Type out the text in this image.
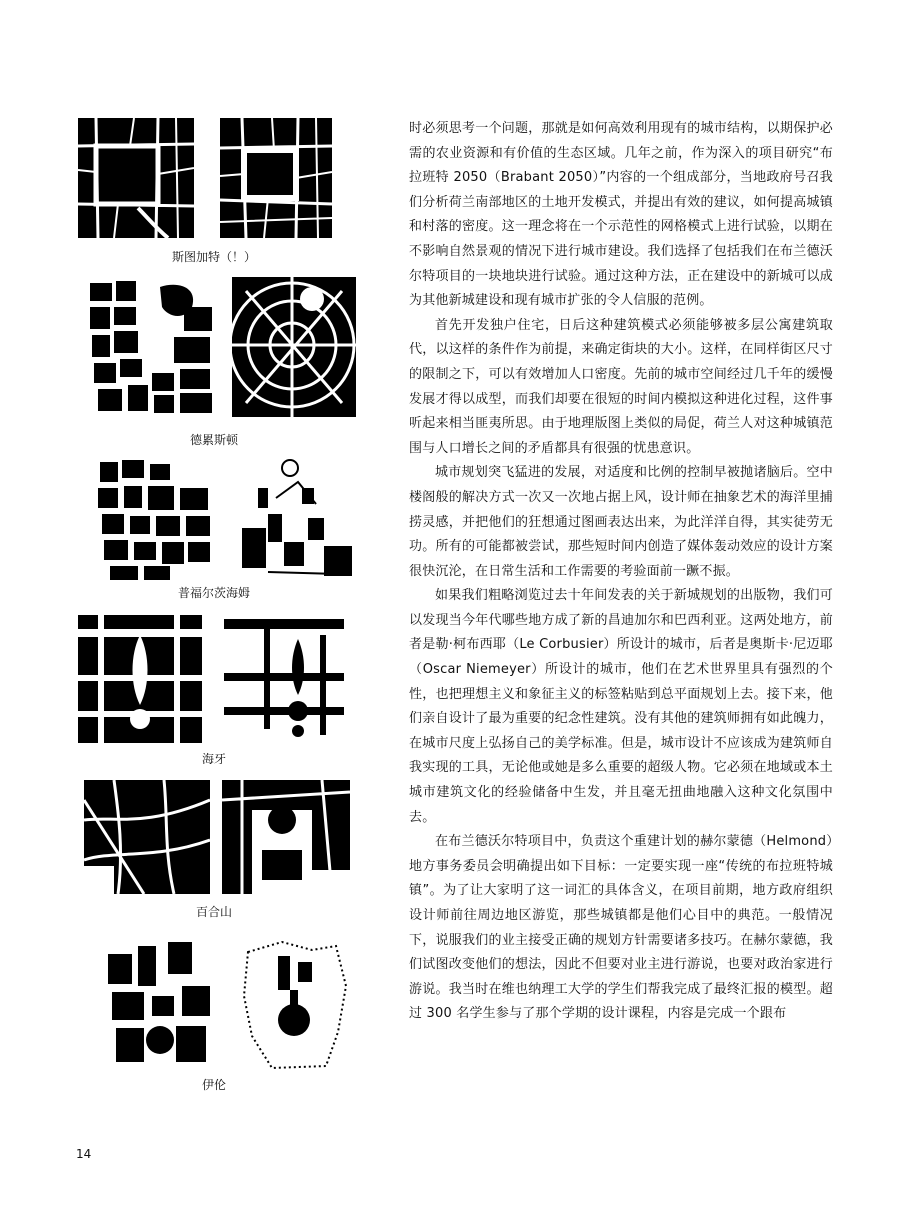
斯图加特（！）
德累斯顿
普福尔茨海姆
海牙
百合山
伊伦

时必须思考一个问题，那就是如何高效利用现有的城市结构，以期保护必需的农业资源和有价值的生态区域。几年之前，作为深入的项目研究“布拉班特 2050（Brabant 2050）”内容的一个组成部分，当地政府号召我们分析荷兰南部地区的土地开发模式，并提出有效的建议，如何提高城镇和村落的密度。这一理念将在一个示范性的网格模式上进行试验，以期在不影响自然景观的情况下进行城市建设。我们选择了包括我们在布兰德沃尔特项目的一块地块进行试验。通过这种方法，正在建设中的新城可以成为其他新城建设和现有城市扩张的令人信服的范例。

首先开发独户住宅，日后这种建筑模式必须能够被多层公寓建筑取代，以这样的条件作为前提，来确定街块的大小。这样，在同样街区尺寸的限制之下，可以有效增加人口密度。先前的城市空间经过几千年的缓慢发展才得以成型，而我们却要在很短的时间内模拟这种进化过程，这件事听起来相当匪夷所思。由于地理版图上类似的局促，荷兰人对这种城镇范围与人口增长之间的矛盾都具有很强的忧患意识。

城市规划突飞猛进的发展，对适度和比例的控制早被抛诸脑后。空中楼阁般的解决方式一次又一次地占据上风，设计师在抽象艺术的海洋里捕捞灵感，并把他们的狂想通过图画表达出来，为此洋洋自得，其实徒劳无功。所有的可能都被尝试，那些短时间内创造了媒体轰动效应的设计方案很快沉沦，在日常生活和工作需要的考验面前一蹶不振。

如果我们粗略浏览过去十年间发表的关于新城规划的出版物，我们可以发现当今年代哪些地方成了新的昌迪加尔和巴西利亚。这两处地方，前者是勒·柯布西耶（Le Corbusier）所设计的城市，后者是奥斯卡·尼迈耶（Oscar Niemeyer）所设计的城市，他们在艺术世界里具有强烈的个性，也把理想主义和象征主义的标签粘贴到总平面规划上去。接下来，他们亲自设计了最为重要的纪念性建筑。没有其他的建筑师拥有如此魄力，在城市尺度上弘扬自己的美学标准。但是，城市设计不应该成为建筑师自我实现的工具，无论他或她是多么重要的超级人物。它必须在地域或本土城市建筑文化的经验储备中生发，并且毫无扭曲地融入这种文化氛围中去。

在布兰德沃尔特项目中，负责这个重建计划的赫尔蒙德（Helmond）地方事务委员会明确提出如下目标：一定要实现一座“传统的布拉班特城镇”。为了让大家明了这一词汇的具体含义，在项目前期，地方政府组织设计师前往周边地区游览，那些城镇都是他们心目中的典范。一般情况下，说服我们的业主接受正确的规划方针需要诸多技巧。在赫尔蒙德，我们试图改变他们的想法，因此不但要对业主进行游说，也要对政治家进行游说。我当时在维也纳理工大学的学生们帮我完成了最终汇报的模型。超过 300 名学生参与了那个学期的设计课程，内容是完成一个跟布

14
